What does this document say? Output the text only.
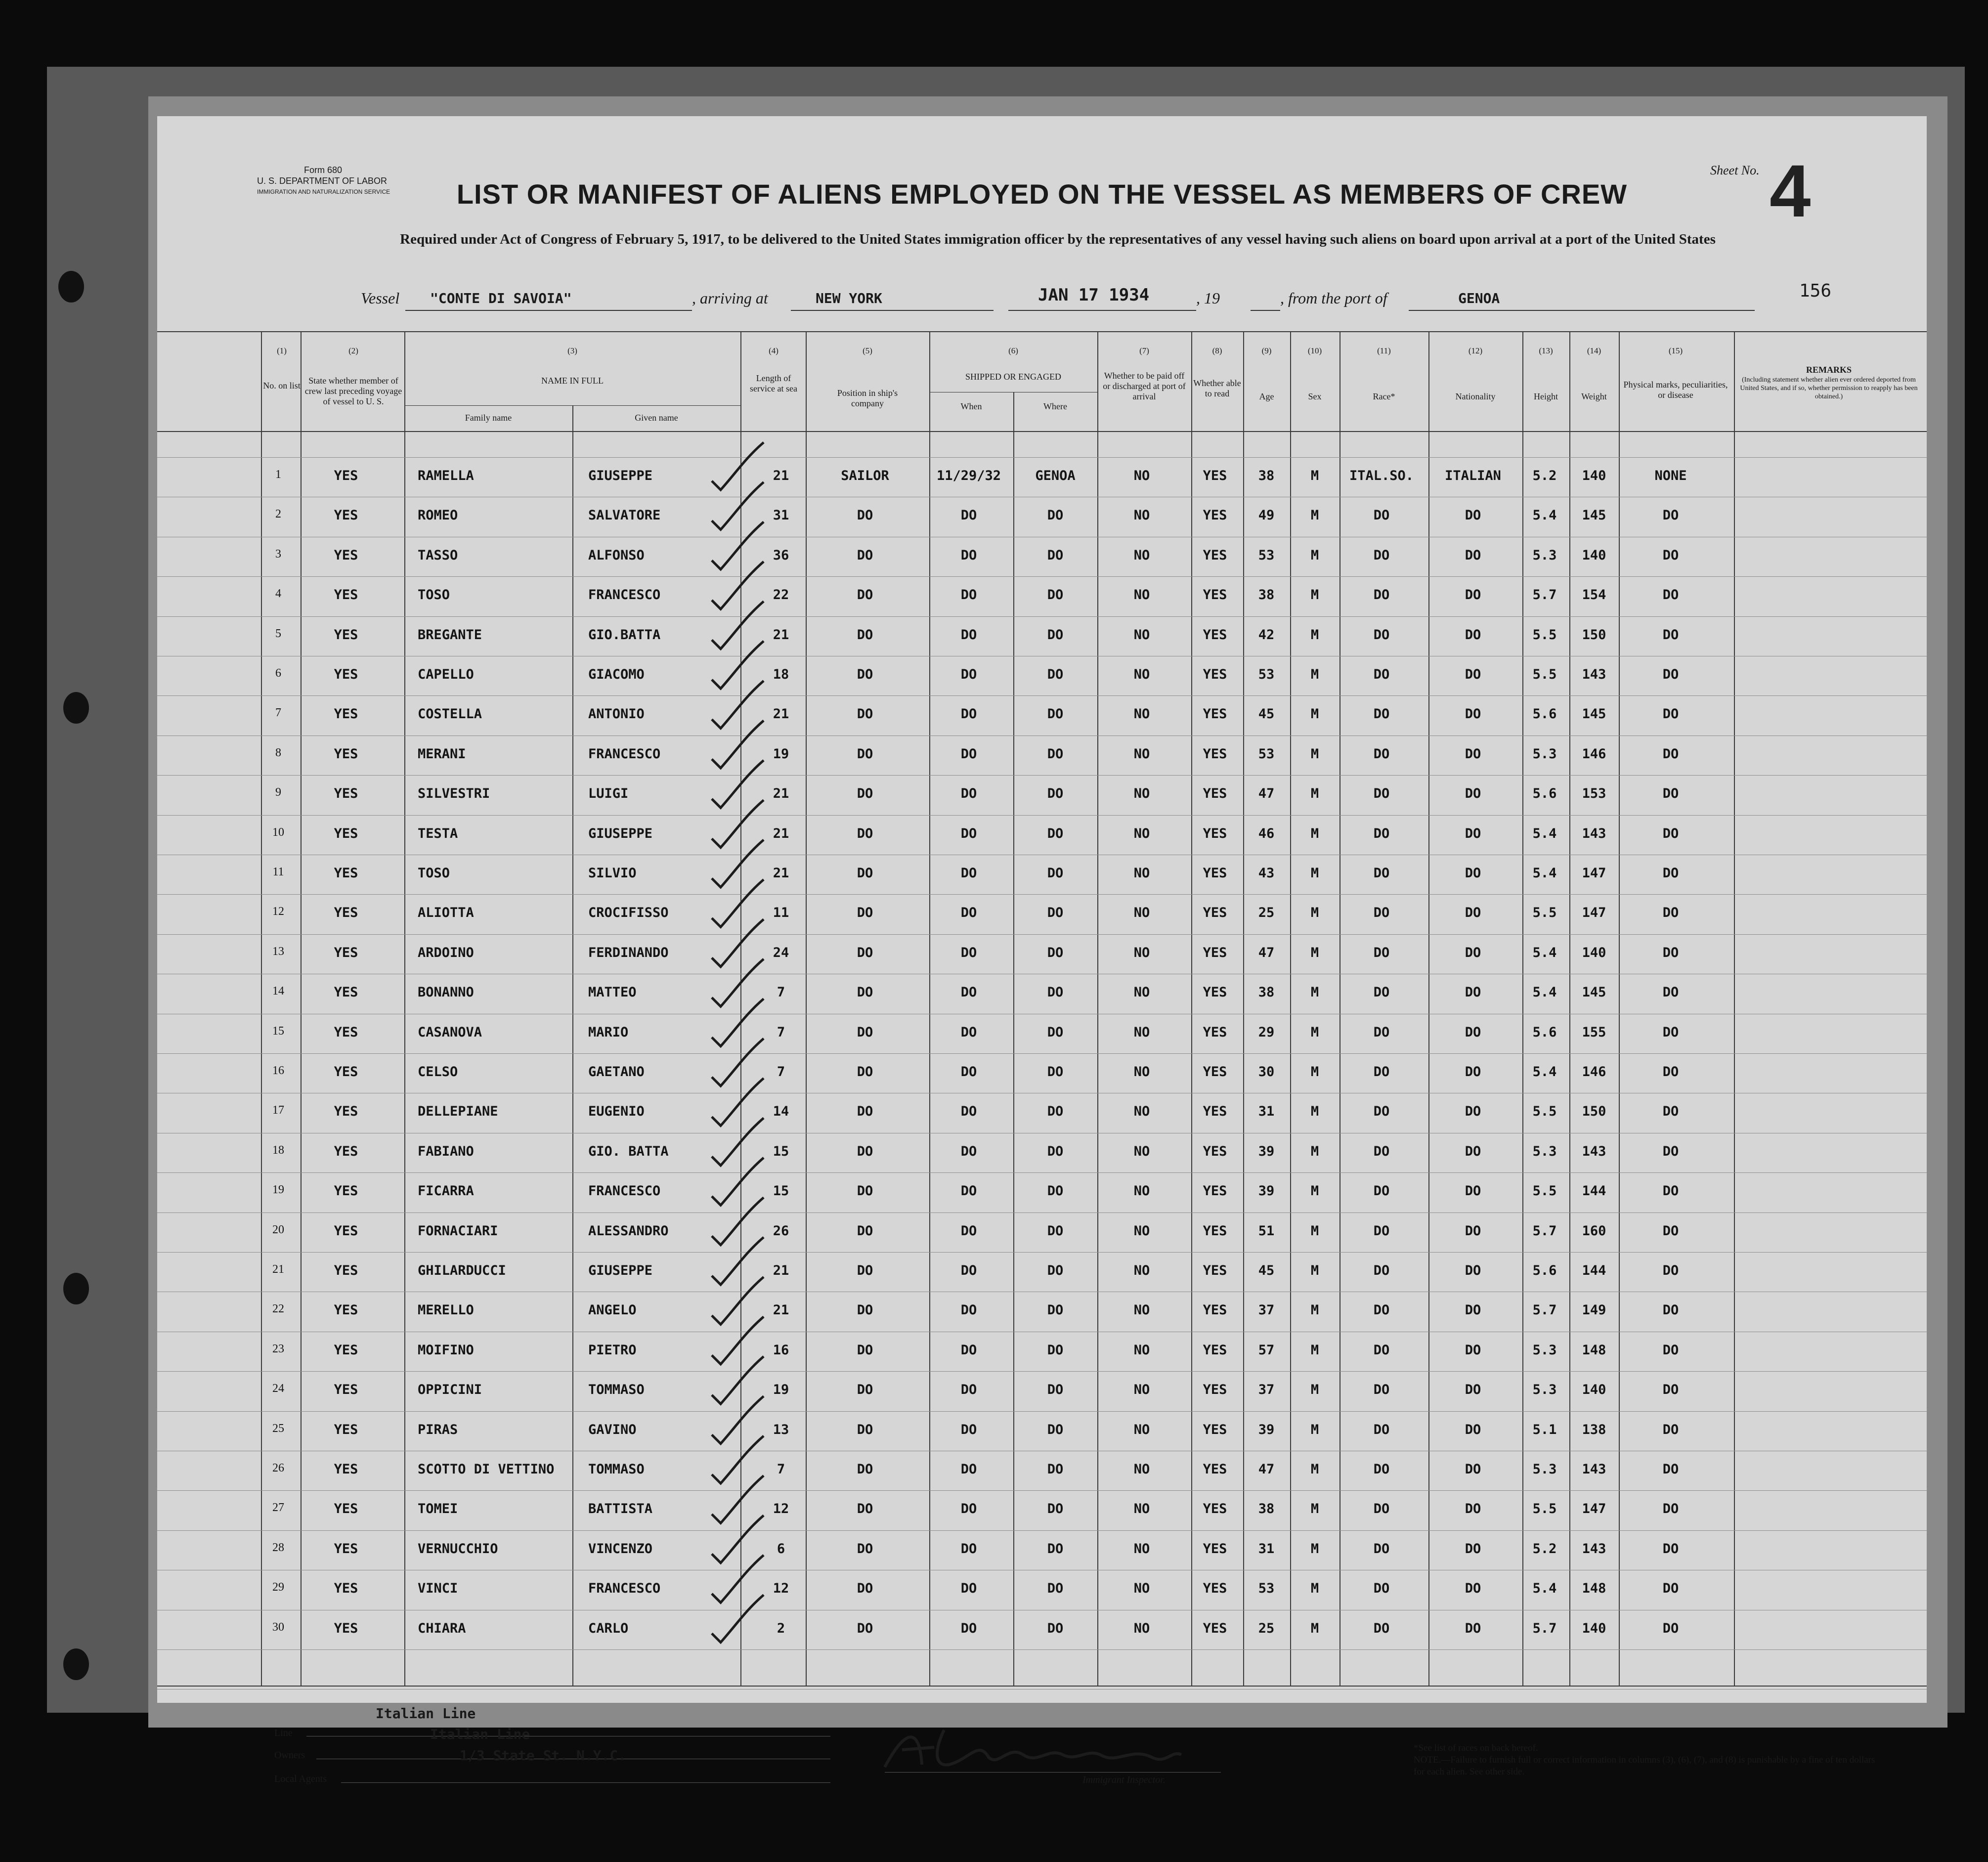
Form 680
U. S. DEPARTMENT OF LABOR
IMMIGRATION AND NATURALIZATION SERVICE	LIST OR MANIFEST OF ALIENS EMPLOYED ON THE VESSEL AS MEMBERS OF CREW
Required under Act of Congress of February 5, 1917, to be delivered to the United States immigration officer by the representatives of any vessel having such aliens on board upon arrival at a port of the United States
Sheet No. 4
156
Vessel "CONTE DI SAVOIA"	, arriving at	NEW YORK	JAN 17 1934	, 19	, from the port of	GENOA
(1)
No. on list
(2)
State whether member of crew last preceding voyage of vessel to U. S.
(3)
NAME IN FULL
Family name	Given name
(4)
Length of service at sea
(5)
Position in ship's company
(6)
SHIPPED OR ENGAGED
When	Where
(7)
Whether to be paid off or discharged at port of arrival
(8)
Whether able to read
(9)
Age
(10)
Sex
(11)
Race*
(12)
Nationality
(13)
Height
(14)
Weight
(15)
Physical marks, peculiarities, or disease
REMARKS
(Including statement whether alien ever ordered deported from United States, and if so, whether permission to reapply has been obtained.)
1	YES	RAMELLA	GIUSEPPE	21	SAILOR	11/29/32	GENOA	NO	YES 38	M ITAL.SO. ITALIAN 5.2 140	NONE
2	YES	ROMEO	SALVATORE	31	DO	DO	DO	NO	YES 49	M	DO	DO	5.4 145	DO
3	YES	TASSO	ALFONSO	36	DO	DO	DO	NO	YES 53	M	DO	DO	5.3 140	DO
4	YES	TOSO	FRANCESCO	22	DO	DO	DO	NO	YES 38	M	DO	DO	5.7 154	DO
5	YES	BREGANTE	GIO.BATTA	21	DO	DO	DO	NO	YES 42	M	DO	DO	5.5 150	DO
6	YES	CAPELLO	GIACOMO	18	DO	DO	DO	NO	YES 53	M	DO	DO	5.5 143	DO
7	YES	COSTELLA	ANTONIO	21	DO	DO	DO	NO	YES 45	M	DO	DO	5.6 145	DO
8	YES	MERANI	FRANCESCO	19	DO	DO	DO	NO	YES 53	M	DO	DO	5.3 146	DO
9	YES	SILVESTRI	LUIGI	21	DO	DO	DO	NO	YES 47	M	DO	DO	5.6 153	DO
10	YES	TESTA	GIUSEPPE	21	DO	DO	DO	NO	YES 46	M	DO	DO	5.4 143	DO
11	YES	TOSO	SILVIO	21	DO	DO	DO	NO	YES 43	M	DO	DO	5.4 147	DO
12	YES	ALIOTTA	CROCIFISSO	11	DO	DO	DO	NO	YES 25	M	DO	DO	5.5 147	DO
13	YES	ARDOINO	FERDINANDO	24	DO	DO	DO	NO	YES 47	M	DO	DO	5.4 140	DO
14	YES	BONANNO	MATTEO	7	DO	DO	DO	NO	YES 38	M	DO	DO	5.4 145	DO
15	YES	CASANOVA	MARIO	7	DO	DO	DO	NO	YES 29	M	DO	DO	5.6 155	DO
16	YES	CELSO	GAETANO	7	DO	DO	DO	NO	YES 30	M	DO	DO	5.4 146	DO
17	YES	DELLEPIANE	EUGENIO	14	DO	DO	DO	NO	YES 31	M	DO	DO	5.5 150	DO
18	YES	FABIANO	GIO. BATTA	15	DO	DO	DO	NO	YES 39	M	DO	DO	5.3 143	DO
19	YES	FICARRA	FRANCESCO	15	DO	DO	DO	NO	YES 39	M	DO	DO	5.5 144	DO
20	YES	FORNACIARI	ALESSANDRO	26	DO	DO	DO	NO	YES 51	M	DO	DO	5.7 160	DO
21	YES	GHILARDUCCI	GIUSEPPE	21	DO	DO	DO	NO	YES 45	M	DO	DO	5.6 144	DO
22	YES	MERELLO	ANGELO	21	DO	DO	DO	NO	YES 37	M	DO	DO	5.7 149	DO
23	YES	MOIFINO	PIETRO	16	DO	DO	DO	NO	YES 57	M	DO	DO	5.3 148	DO
24	YES	OPPICINI	TOMMASO	19	DO	DO	DO	NO	YES 37	M	DO	DO	5.3 140	DO
25	YES	PIRAS	GAVINO	13	DO	DO	DO	NO	YES 39	M	DO	DO	5.1 138	DO
26	YES	SCOTTO DI VETTINO	TOMMASO	7	DO	DO	DO	NO	YES 47	M	DO	DO	5.3 143	DO
27	YES	TOMEI	BATTISTA	12	DO	DO	DO	NO	YES 38	M	DO	DO	5.5 147	DO
28	YES	VERNUCCHIO	VINCENZO	6	DO	DO	DO	NO	YES 31	M	DO	DO	5.2 143	DO
29	YES	VINCI	FRANCESCO	12	DO	DO	DO	NO	YES 53	M	DO	DO	5.4 148	DO
30	YES	CHIARA	CARLO	2	DO	DO	DO	NO	YES 25	M	DO	DO	5.7 140	DO
Italian Line
Line	Italian Line
Owners	1/3 State St. N.Y.C.
Local Agents	Immigrant Inspector.
*See list of races on back hereof.
NOTE.—Failure to furnish full or correct information in columns (3), (6), (7), and (8) is punishable by a fine of ten dollars for each alien. See other side.
